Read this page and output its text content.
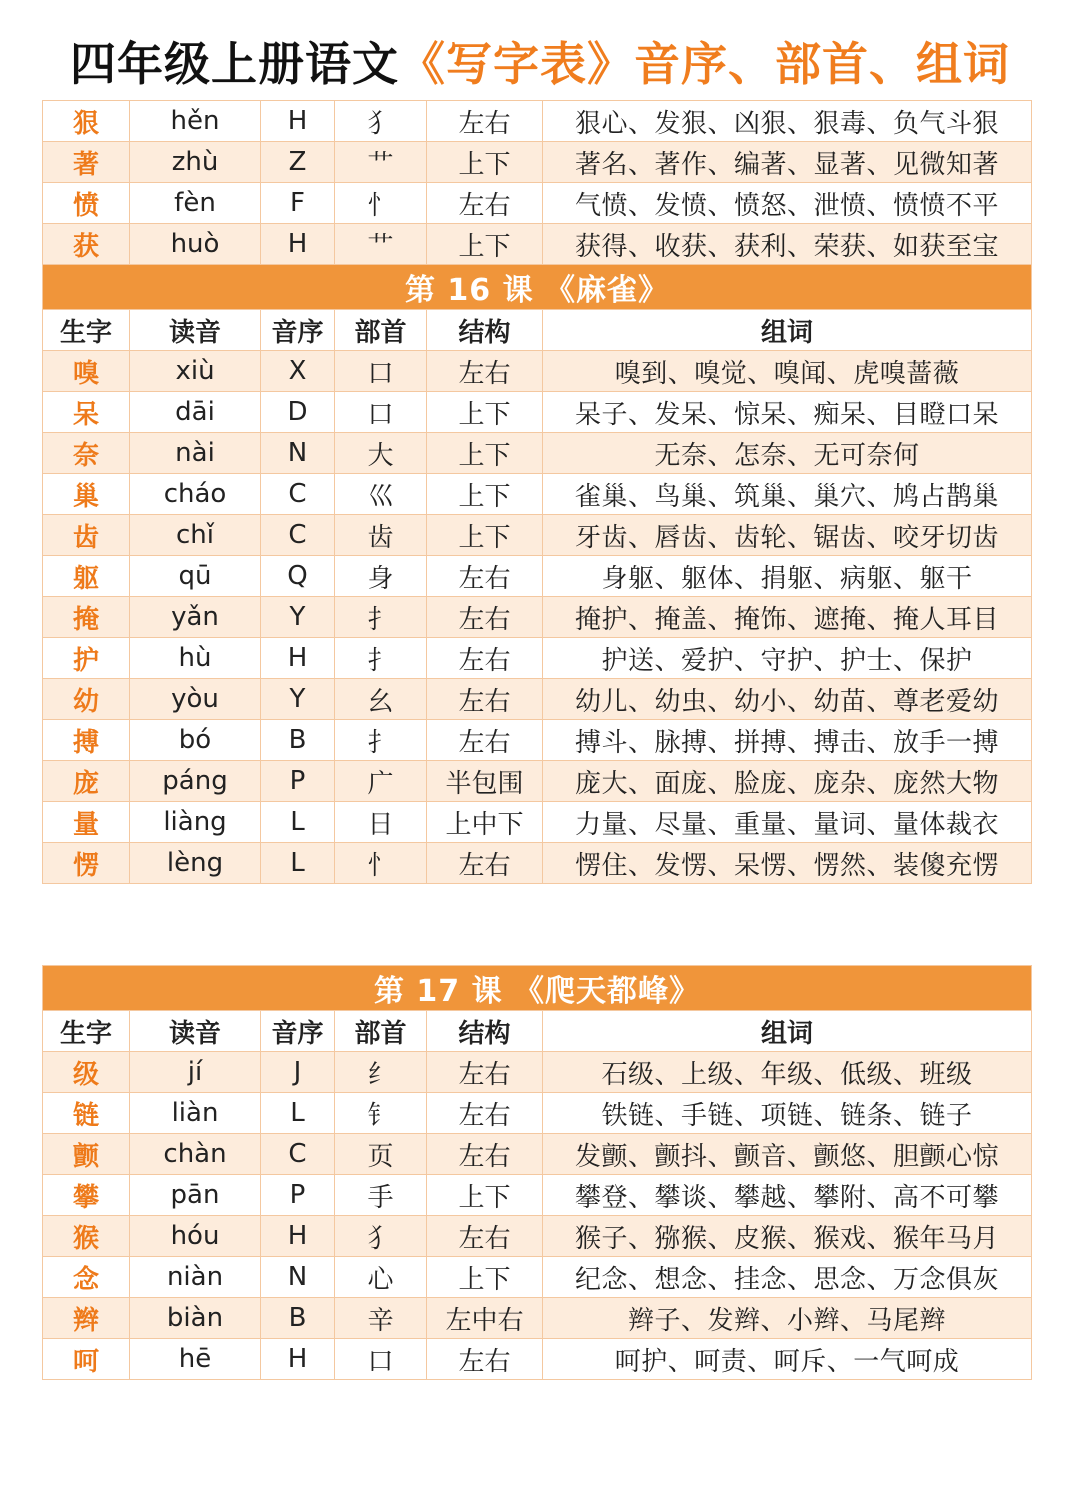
四年级上册语文《写字表》音序、部首、组词
狠	hěn	H	犭	左右	狠心、发狠、凶狠、狠毒、负气斗狠
著	zhù	Z	艹	上下	著名、著作、编著、显著、见微知著
愤	fèn	F	忄	左右	气愤、发愤、愤怒、泄愤、愤愤不平
获	huò	H	艹	上下	获得、收获、获利、荣获、如获至宝
第 16 课 《麻雀》					
生字	读音	音序	部首	结构	组词
嗅	xiù	X	口	左右	嗅到、嗅觉、嗅闻、虎嗅蔷薇
呆	dāi	D	口	上下	呆子、发呆、惊呆、痴呆、目瞪口呆
奈	nài	N	大	上下	无奈、怎奈、无可奈何
巢	cháo	C	巛	上下	雀巢、鸟巢、筑巢、巢穴、鸠占鹊巢
齿	chǐ	C	齿	上下	牙齿、唇齿、齿轮、锯齿、咬牙切齿
躯	qū	Q	身	左右	身躯、躯体、捐躯、病躯、躯干
掩	yǎn	Y	扌	左右	掩护、掩盖、掩饰、遮掩、掩人耳目
护	hù	H	扌	左右	护送、爱护、守护、护士、保护
幼	yòu	Y	幺	左右	幼儿、幼虫、幼小、幼苗、尊老爱幼
搏	bó	B	扌	左右	搏斗、脉搏、拼搏、搏击、放手一搏
庞	páng	P	广	半包围	庞大、面庞、脸庞、庞杂、庞然大物
量	liàng	L	日	上中下	力量、尽量、重量、量词、量体裁衣
愣	lèng	L	忄	左右	愣住、发愣、呆愣、愣然、装傻充愣
第 17 课 《爬天都峰》					
生字	读音	音序	部首	结构	组词
级	jí	J	纟	左右	石级、上级、年级、低级、班级
链	liàn	L	钅	左右	铁链、手链、项链、链条、链子
颤	chàn	C	页	左右	发颤、颤抖、颤音、颤悠、胆颤心惊
攀	pān	P	手	上下	攀登、攀谈、攀越、攀附、高不可攀
猴	hóu	H	犭	左右	猴子、猕猴、皮猴、猴戏、猴年马月
念	niàn	N	心	上下	纪念、想念、挂念、思念、万念俱灰
辫	biàn	B	辛	左中右	辫子、发辫、小辫、马尾辫
呵	hē	H	口	左右	呵护、呵责、呵斥、一气呵成
